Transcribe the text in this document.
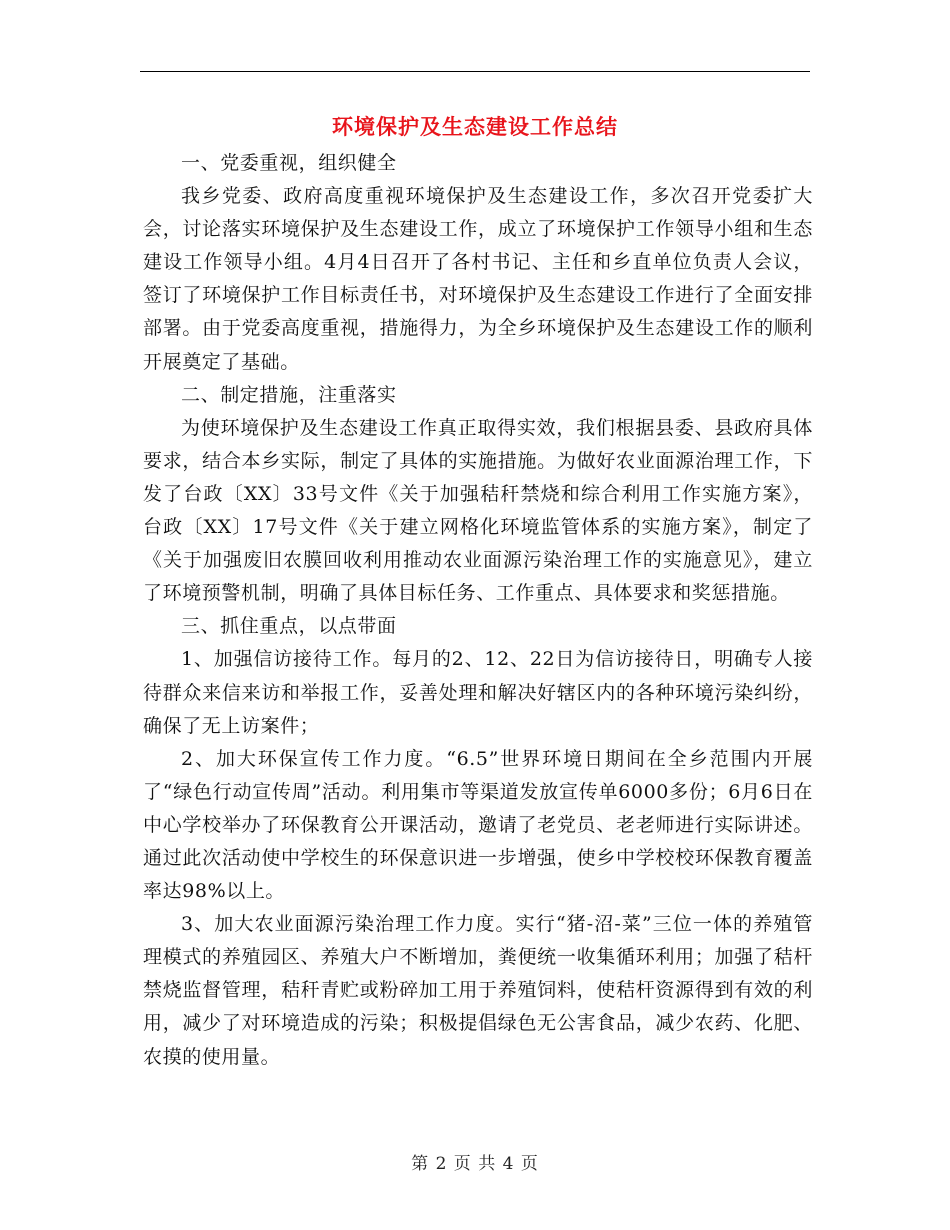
环境保护及生态建设工作总结

一、党委重视，组织健全

我乡党委、政府高度重视环境保护及生态建设工作，多次召开党委扩大会，讨论落实环境保护及生态建设工作，成立了环境保护工作领导小组和生态建设工作领导小组。4月4日召开了各村书记、主任和乡直单位负责人会议，签订了环境保护工作目标责任书，对环境保护及生态建设工作进行了全面安排部署。由于党委高度重视，措施得力，为全乡环境保护及生态建设工作的顺利开展奠定了基础。

二、制定措施，注重落实

为使环境保护及生态建设工作真正取得实效，我们根据县委、县政府具体要求，结合本乡实际，制定了具体的实施措施。为做好农业面源治理工作，下发了台政〔XX〕33号文件《关于加强秸秆禁烧和综合利用工作实施方案》，台政〔XX〕17号文件《关于建立网格化环境监管体系的实施方案》，制定了《关于加强废旧农膜回收利用推动农业面源污染治理工作的实施意见》，建立了环境预警机制，明确了具体目标任务、工作重点、具体要求和奖惩措施。

三、抓住重点，以点带面

1、加强信访接待工作。每月的2、12、22日为信访接待日，明确专人接待群众来信来访和举报工作，妥善处理和解决好辖区内的各种环境污染纠纷，确保了无上访案件；

2、加大环保宣传工作力度。“6.5”世界环境日期间在全乡范围内开展了“绿色行动宣传周”活动。利用集市等渠道发放宣传单6000多份；6月6日在中心学校举办了环保教育公开课活动，邀请了老党员、老老师进行实际讲述。通过此次活动使中学校生的环保意识进一步增强，使乡中学校校环保教育覆盖率达98%以上。

3、加大农业面源污染治理工作力度。实行“猪-沼-菜”三位一体的养殖管理模式的养殖园区、养殖大户不断增加，粪便统一收集循环利用；加强了秸杆禁烧监督管理，秸秆青贮或粉碎加工用于养殖饲料，使秸杆资源得到有效的利用，减少了对环境造成的污染；积极提倡绿色无公害食品，减少农药、化肥、农摸的使用量。

第 2 页 共 4 页
